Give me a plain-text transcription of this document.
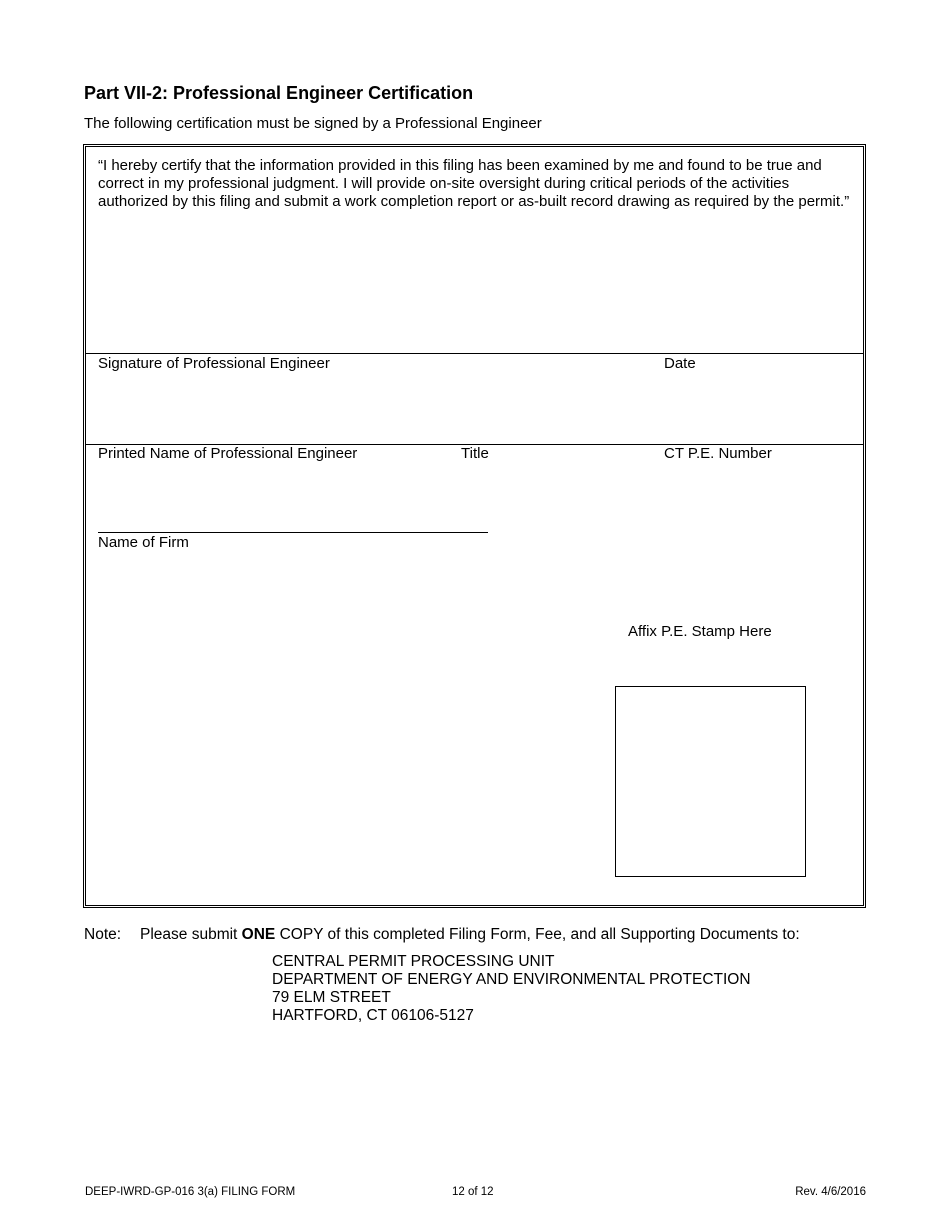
Part VII-2: Professional Engineer Certification
The following certification must be signed by a Professional Engineer
“I hereby certify that the information provided in this filing has been examined by me and found to be true and correct in my professional judgment. I will provide on-site oversight during critical periods of the activities authorized by this filing and submit a work completion report or as-built record drawing as required by the permit.”
Signature of Professional Engineer	Date
Printed Name of Professional Engineer	Title	CT P.E. Number
Name of Firm
Affix P.E. Stamp Here
Note: Please submit ONE COPY of this completed Filing Form, Fee, and all Supporting Documents to:
CENTRAL PERMIT PROCESSING UNIT
DEPARTMENT OF ENERGY AND ENVIRONMENTAL PROTECTION
79 ELM STREET
HARTFORD, CT 06106-5127
DEEP-IWRD-GP-016 3(a) FILING FORM	12 of 12	Rev. 4/6/2016
